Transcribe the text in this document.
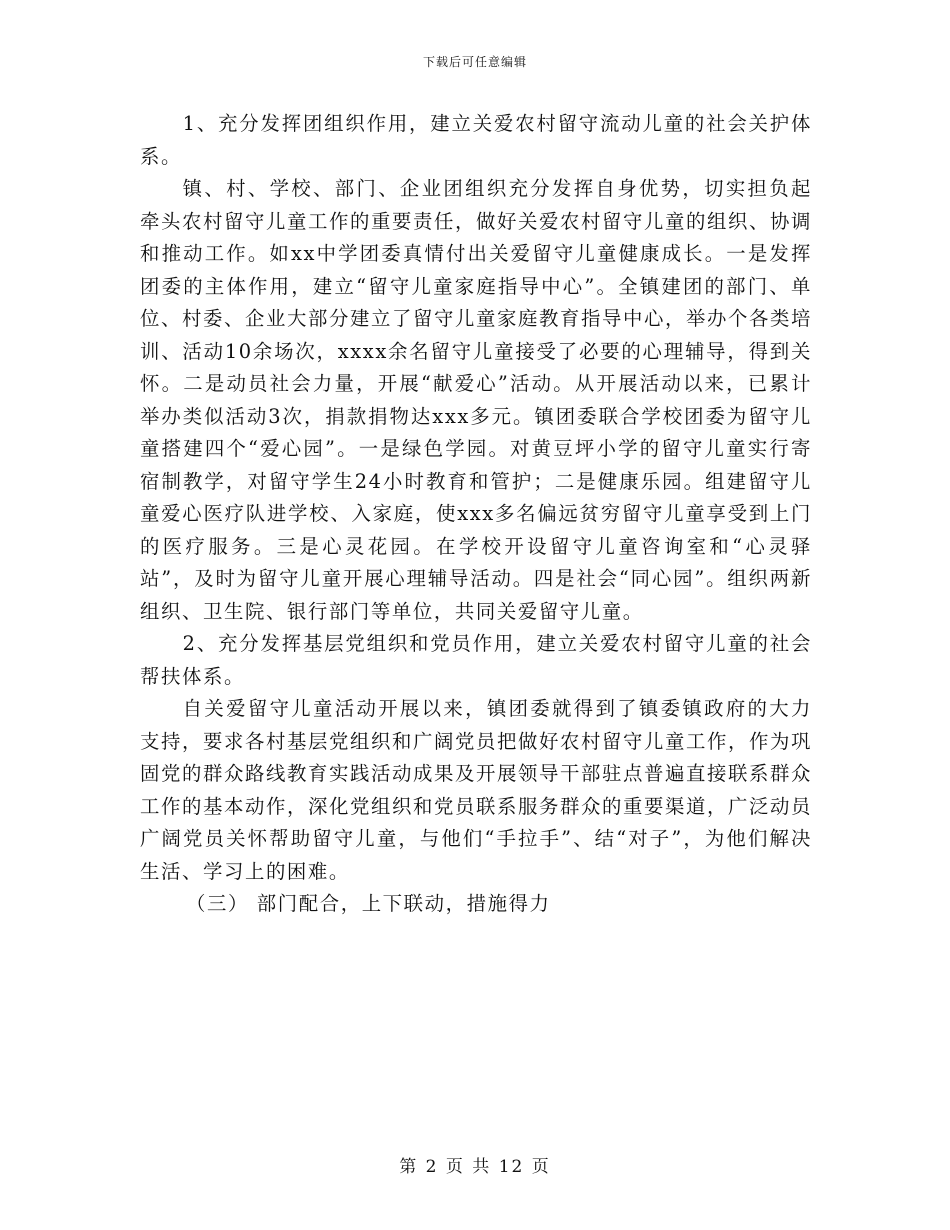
下载后可任意编辑

1、充分发挥团组织作用，建立关爱农村留守流动儿童的社会关护体系。

镇、村、学校、部门、企业团组织充分发挥自身优势，切实担负起牵头农村留守儿童工作的重要责任，做好关爱农村留守儿童的组织、协调和推动工作。如xx中学团委真情付出关爱留守儿童健康成长。一是发挥团委的主体作用，建立“留守儿童家庭指导中心”。全镇建团的部门、单位、村委、企业大部分建立了留守儿童家庭教育指导中心，举办个各类培训、活动10余场次，xxxx余名留守儿童接受了必要的心理辅导，得到关怀。二是动员社会力量，开展“献爱心”活动。从开展活动以来，已累计举办类似活动3次，捐款捐物达xxx多元。镇团委联合学校团委为留守儿童搭建四个“爱心园”。一是绿色学园。对黄豆坪小学的留守儿童实行寄宿制教学，对留守学生24小时教育和管护；二是健康乐园。组建留守儿童爱心医疗队进学校、入家庭，使xxx多名偏远贫穷留守儿童享受到上门的医疗服务。三是心灵花园。在学校开设留守儿童咨询室和“心灵驿站”，及时为留守儿童开展心理辅导活动。四是社会“同心园”。组织两新组织、卫生院、银行部门等单位，共同关爱留守儿童。

2、充分发挥基层党组织和党员作用，建立关爱农村留守儿童的社会帮扶体系。

自关爱留守儿童活动开展以来，镇团委就得到了镇委镇政府的大力支持，要求各村基层党组织和广阔党员把做好农村留守儿童工作，作为巩固党的群众路线教育实践活动成果及开展领导干部驻点普遍直接联系群众工作的基本动作，深化党组织和党员联系服务群众的重要渠道，广泛动员广阔党员关怀帮助留守儿童，与他们“手拉手”、结“对子”，为他们解决生活、学习上的困难。

（三） 部门配合，上下联动，措施得力

第 2 页 共 12 页
